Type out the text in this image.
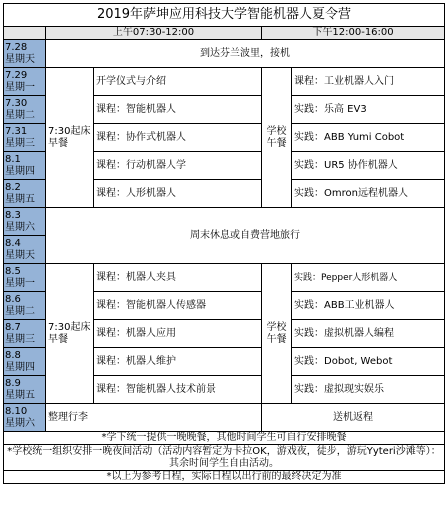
2019年萨坤应用科技大学智能机器人夏令营				
	上午07:30-12:00		下午12:00-16:00	

7.28
星期天	到达芬兰波里，接机			

7.29
星期一	7:30起床早餐	开学仪式与介绍	学校午餐	课程：工业机器人入门

7.30
星期二		课程：智能机器人		实践：乐高 EV3

7.31
星期三		课程：协作式机器人		实践：ABB Yumi Cobot

8.1
星期四		课程：行动机器人学		实践：UR5 协作机器人

8.2
星期五		课程：人形机器人		实践：Omron远程机器人

8.3
星期六	周末休息或自费营地旅行			

8.4
星期天				

8.5
星期一	7:30起床早餐	课程：机器人夹具	学校午餐	实践：Pepper人形机器人

8.6
星期二		课程：智能机器人传感器		实践：ABB工业机器人

8.7
星期三		课程：机器人应用		实践：虚拟机器人编程

8.8
星期四		课程：机器人维护		实践：Dobot, Webot

8.9
星期五		课程：智能机器人技术前景		实践：虚拟现实娱乐

8.10
星期六	整理行李		送机返程	
*学下统一提供一晚晚餐，其他时间学生可自行安排晚餐				
*学校统一组织安排一晚夜间活动（活动内容暂定为卡拉OK，游戏夜，徒步，游玩Yyteri沙滩等）：其余时间学生自由活动。				
*以上为参考日程，实际日程以出行前的最终决定为准				
